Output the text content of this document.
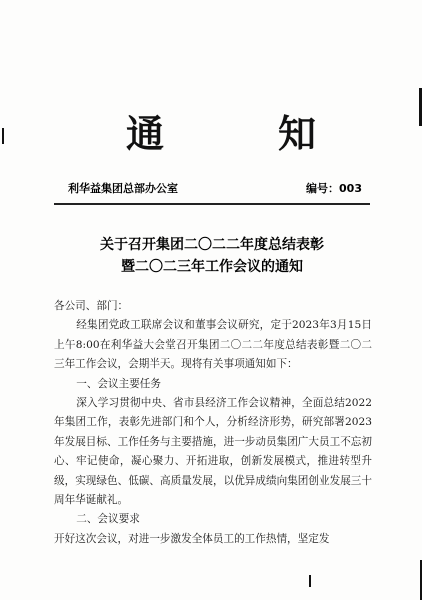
通	知
利华益集团总部办公室	编号：003
关于召开集团二〇二二年度总结表彰
暨二〇二三年工作会议的通知

各公司、部门：

经集团党政工联席会议和董事会议研究，定于2023年3月15日上午8:00在利华益大会堂召开集团二〇二二年度总结表彰暨二〇二三年工作会议，会期半天。现将有关事项通知如下：

一、会议主要任务

深入学习贯彻中央、省市县经济工作会议精神，全面总结2022年集团工作，表彰先进部门和个人，分析经济形势，研究部署2023年发展目标、工作任务与主要措施，进一步动员集团广大员工不忘初心、牢记使命，凝心聚力、开拓进取，创新发展模式，推进转型升级，实现绿色、低碳、高质量发展，以优异成绩向集团创业发展三十周年华诞献礼。

二、会议要求

开好这次会议，对进一步激发全体员工的工作热情，坚定发
